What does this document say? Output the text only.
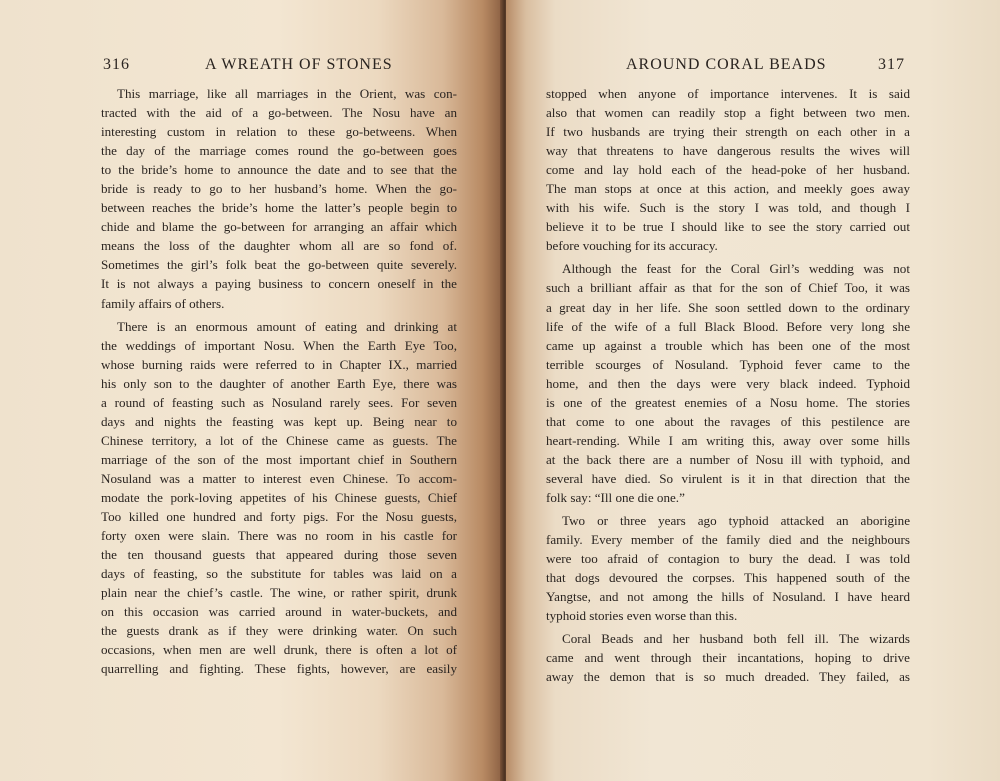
316	A WREATH OF STONES
This marriage, like all marriages in the Orient, was con-
tracted with the aid of a go-between. The Nosu have an
interesting custom in relation to these go-betweens. When
the day of the marriage comes round the go-between goes
to the bride’s home to announce the date and to see that the
bride is ready to go to her husband’s home. When the go-
between reaches the bride’s home the latter’s people begin to
chide and blame the go-between for arranging an affair which
means the loss of the daughter whom all are so fond of.
Sometimes the girl’s folk beat the go-between quite severely.
It is not always a paying business to concern oneself in the
family affairs of others.
There is an enormous amount of eating and drinking at
the weddings of important Nosu. When the Earth Eye Too,
whose burning raids were referred to in Chapter IX., married
his only son to the daughter of another Earth Eye, there was
a round of feasting such as Nosuland rarely sees. For seven
days and nights the feasting was kept up. Being near to
Chinese territory, a lot of the Chinese came as guests. The
marriage of the son of the most important chief in Southern
Nosuland was a matter to interest even Chinese. To accom-
modate the pork-loving appetites of his Chinese guests, Chief
Too killed one hundred and forty pigs. For the Nosu guests,
forty oxen were slain. There was no room in his castle for
the ten thousand guests that appeared during those seven
days of feasting, so the substitute for tables was laid on a
plain near the chief’s castle. The wine, or rather spirit, drunk
on this occasion was carried around in water-buckets, and
the guests drank as if they were drinking water. On such
occasions, when men are well drunk, there is often a lot of
quarrelling and fighting. These fights, however, are easily
AROUND CORAL BEADS	317
stopped when anyone of importance intervenes. It is said
also that women can readily stop a fight between two men.
If two husbands are trying their strength on each other in a
way that threatens to have dangerous results the wives will
come and lay hold each of the head-poke of her husband.
The man stops at once at this action, and meekly goes away
with his wife. Such is the story I was told, and though I
believe it to be true I should like to see the story carried out
before vouching for its accuracy.
Although the feast for the Coral Girl’s wedding was not
such a brilliant affair as that for the son of Chief Too, it was
a great day in her life. She soon settled down to the ordinary
life of the wife of a full Black Blood. Before very long she
came up against a trouble which has been one of the most
terrible scourges of Nosuland. Typhoid fever came to the
home, and then the days were very black indeed. Typhoid
is one of the greatest enemies of a Nosu home. The stories
that come to one about the ravages of this pestilence are
heart-rending. While I am writing this, away over some hills
at the back there are a number of Nosu ill with typhoid, and
several have died. So virulent is it in that direction that the
folk say: “Ill one die one.”
Two or three years ago typhoid attacked an aborigine
family. Every member of the family died and the neighbours
were too afraid of contagion to bury the dead. I was told
that dogs devoured the corpses. This happened south of the
Yangtse, and not among the hills of Nosuland. I have heard
typhoid stories even worse than this.
Coral Beads and her husband both fell ill. The wizards
came and went through their incantations, hoping to drive
away the demon that is so much dreaded. They failed, as
